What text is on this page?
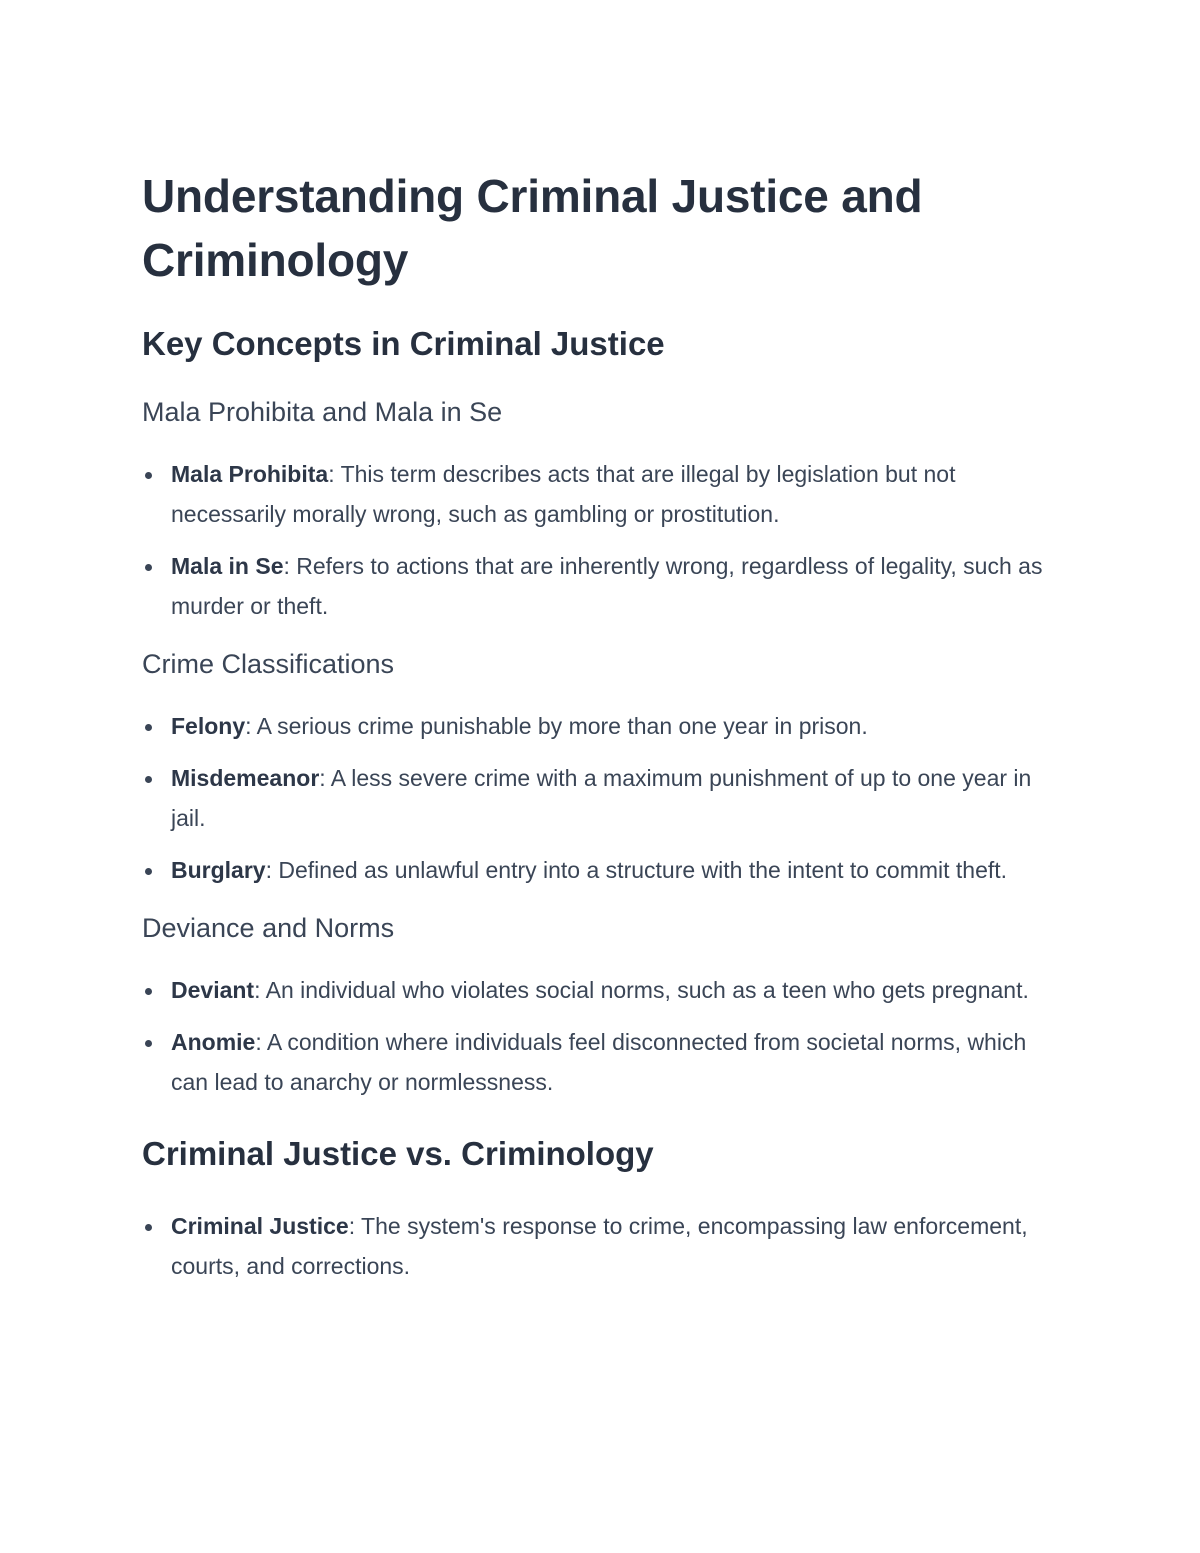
Understanding Criminal Justice and Criminology
Key Concepts in Criminal Justice
Mala Prohibita and Mala in Se
Mala Prohibita: This term describes acts that are illegal by legislation but not necessarily morally wrong, such as gambling or prostitution.
Mala in Se: Refers to actions that are inherently wrong, regardless of legality, such as murder or theft.
Crime Classifications
Felony: A serious crime punishable by more than one year in prison.
Misdemeanor: A less severe crime with a maximum punishment of up to one year in jail.
Burglary: Defined as unlawful entry into a structure with the intent to commit theft.
Deviance and Norms
Deviant: An individual who violates social norms, such as a teen who gets pregnant.
Anomie: A condition where individuals feel disconnected from societal norms, which can lead to anarchy or normlessness.
Criminal Justice vs. Criminology
Criminal Justice: The system's response to crime, encompassing law enforcement, courts, and corrections.
